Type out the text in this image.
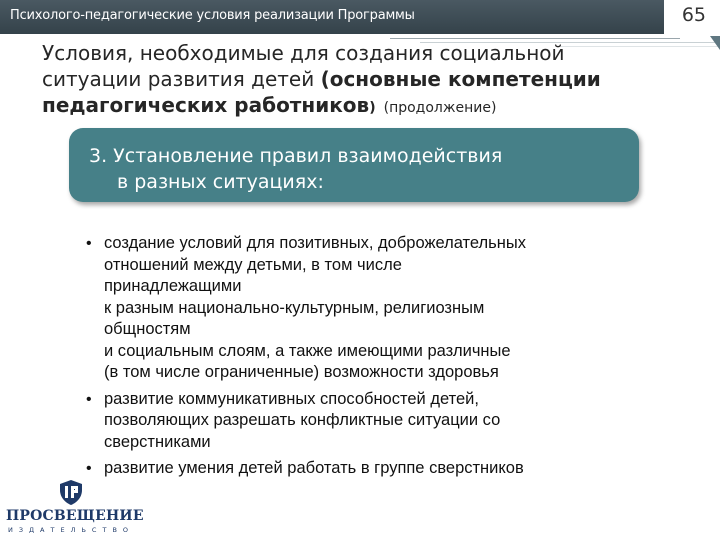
Психолого-педагогические условия реализации Программы	65
Условия, необходимые для создания социальной
ситуации развития детей (основные компетенции
педагогических работников) (продолжение)
3. Установление правил взаимодействия
в разных ситуациях:
• создание условий для позитивных, доброжелательных
отношений между детьми, в том числе
принадлежащими
к разным национально-культурным, религиозным
общностям
и социальным слоям, а также имеющими различные
(в том числе ограниченные) возможности здоровья
• развитие коммуникативных способностей детей,
позволяющих разрешать конфликтные ситуации со
сверстниками
• развитие умения детей работать в группе сверстников
ПРОСВЕЩЕНИЕ
ИЗДАТЕЛЬСТВО
